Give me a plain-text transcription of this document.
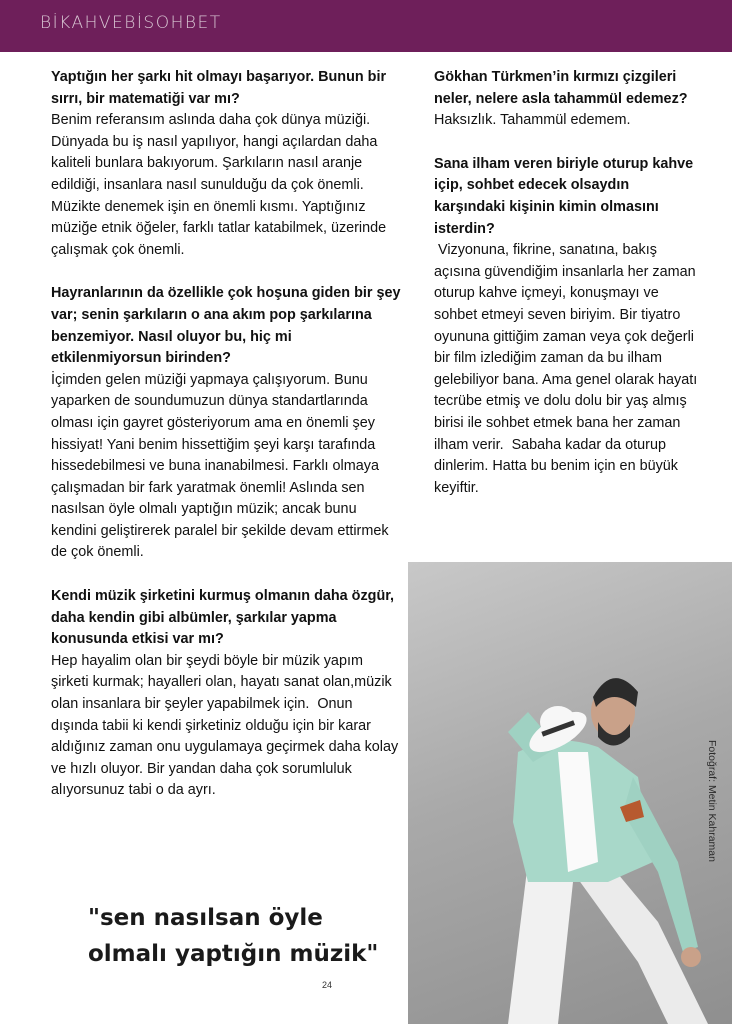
BİKAHVEBİSOHBET

Yaptığın her şarkı hit olmayı başarıyor. Bunun bir sırrı, bir matematiği var mı?

Benim referansım aslında daha çok dünya müziği. Dünyada bu iş nasıl yapılıyor, hangi açılardan daha kaliteli bunlara bakıyorum. Şarkıların nasıl aranje edildiği, insanlara nasıl sunulduğu da çok önemli. Müzikte denemek işin en önemli kısmı. Yaptığınız müziğe etnik öğeler, farklı tatlar katabilmek, üzerinde çalışmak çok önemli.

Hayranlarının da özellikle çok hoşuna giden bir şey var; senin şarkıların o ana akım pop şarkılarına benzemiyor. Nasıl oluyor bu, hiç mi etkilenmiyorsun birinden?

İçimden gelen müziği yapmaya çalışıyorum. Bunu yaparken de soundumuzun dünya standartlarında olması için gayret gösteriyorum ama en önemli şey hissiyat! Yani benim hissettiğim şeyi karşı tarafında hissedebilmesi ve buna inanabilmesi. Farklı olmaya çalışmadan bir fark yaratmak önemli! Aslında sen nasılsan öyle olmalı yaptığın müzik; ancak bunu kendini geliştirerek paralel bir şekilde devam ettirmek de çok önemli.

Kendi müzik şirketini kurmuş olmanın daha özgür, daha kendin gibi albümler, şarkılar yapma konusunda etkisi var mı?

Hep hayalim olan bir şeydi böyle bir müzik yapım şirketi kurmak; hayalleri olan, hayatı sanat olan,müzik olan insanlara bir şeyler yapabilmek için.  Onun dışında tabii ki kendi şirketiniz olduğu için bir karar aldığınız zaman onu uygulamaya geçirmek daha kolay ve hızlı oluyor. Bir yandan daha çok sorumluluk alıyorsunuz tabi o da ayrı.

Gökhan Türkmen’in kırmızı çizgileri neler, nelere asla tahammül edemez?

Haksızlık. Tahammül edemem.

Sana ilham veren biriyle oturup kahve içip, sohbet edecek olsaydın karşındaki kişinin kimin olmasını isterdin?

Vizyonuna, fikrine, sanatına, bakış açısına güvendiğim insanlarla her zaman oturup kahve içmeyi, konuşmayı ve sohbet etmeyi seven biriyim. Bir tiyatro oyununa gittiğim zaman veya çok değerli bir film izlediğim zaman da bu ilham gelebiliyor bana. Ama genel olarak hayatı tecrübe etmiş ve dolu dolu bir yaş almış birisi ile sohbet etmek bana her zaman ilham verir.  Sabaha kadar da oturup dinlerim. Hatta bu benim için en büyük keyiftir.

Fotoğraf: Metin Kahraman
"sen nasılsan öyle olmalı yaptığın müzik"
24
